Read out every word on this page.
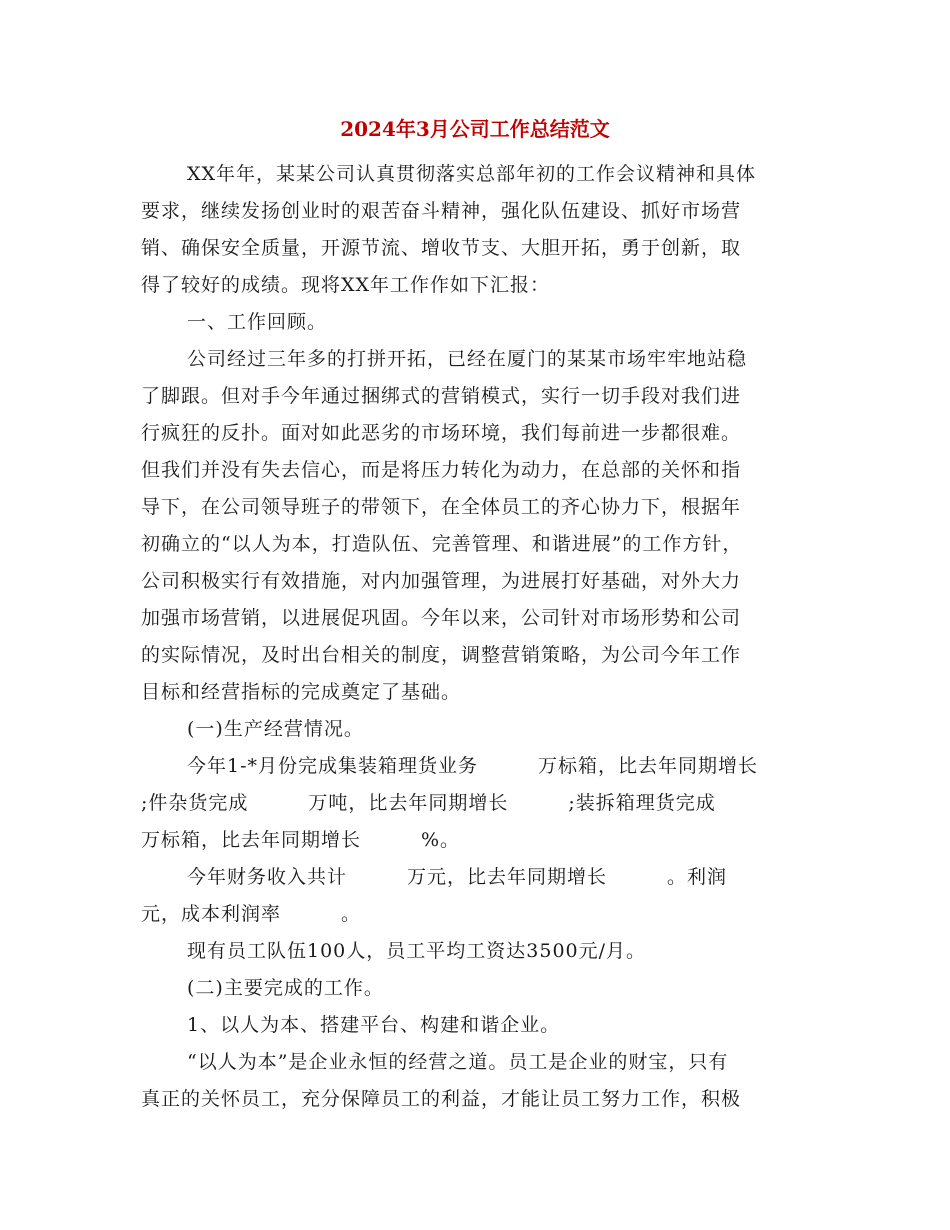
2024年3月公司工作总结范文
XX年年，某某公司认真贯彻落实总部年初的工作会议精神和具体
要求，继续发扬创业时的艰苦奋斗精神，强化队伍建设、抓好市场营
销、确保安全质量，开源节流、增收节支、大胆开拓，勇于创新，取
得了较好的成绩。现将XX年工作作如下汇报：
一、工作回顾。
公司经过三年多的打拼开拓，已经在厦门的某某市场牢牢地站稳
了脚跟。但对手今年通过捆绑式的营销模式，实行一切手段对我们进
行疯狂的反扑。面对如此恶劣的市场环境，我们每前进一步都很难。
但我们并没有失去信心，而是将压力转化为动力，在总部的关怀和指
导下，在公司领导班子的带领下，在全体员工的齐心协力下，根据年
初确立的“以人为本，打造队伍、完善管理、和谐进展”的工作方针，
公司积极实行有效措施，对内加强管理，为进展打好基础，对外大力
加强市场营销，以进展促巩固。今年以来，公司针对市场形势和公司
的实际情况，及时出台相关的制度，调整营销策略，为公司今年工作
目标和经营指标的完成奠定了基础。
(一)生产经营情况。
今年1-*月份完成集装箱理货业务　　　万标箱，比去年同期增长
;件杂货完成　　　万吨，比去年同期增长　　　;装拆箱理货完成
万标箱，比去年同期增长　　　%。
今年财务收入共计　　　万元，比去年同期增长　　　。利润
元，成本利润率　　　。
现有员工队伍100人，员工平均工资达3500元/月。
(二)主要完成的工作。
1、以人为本、搭建平台、构建和谐企业。
“以人为本”是企业永恒的经营之道。员工是企业的财宝，只有
真正的关怀员工，充分保障员工的利益，才能让员工努力工作，积极
